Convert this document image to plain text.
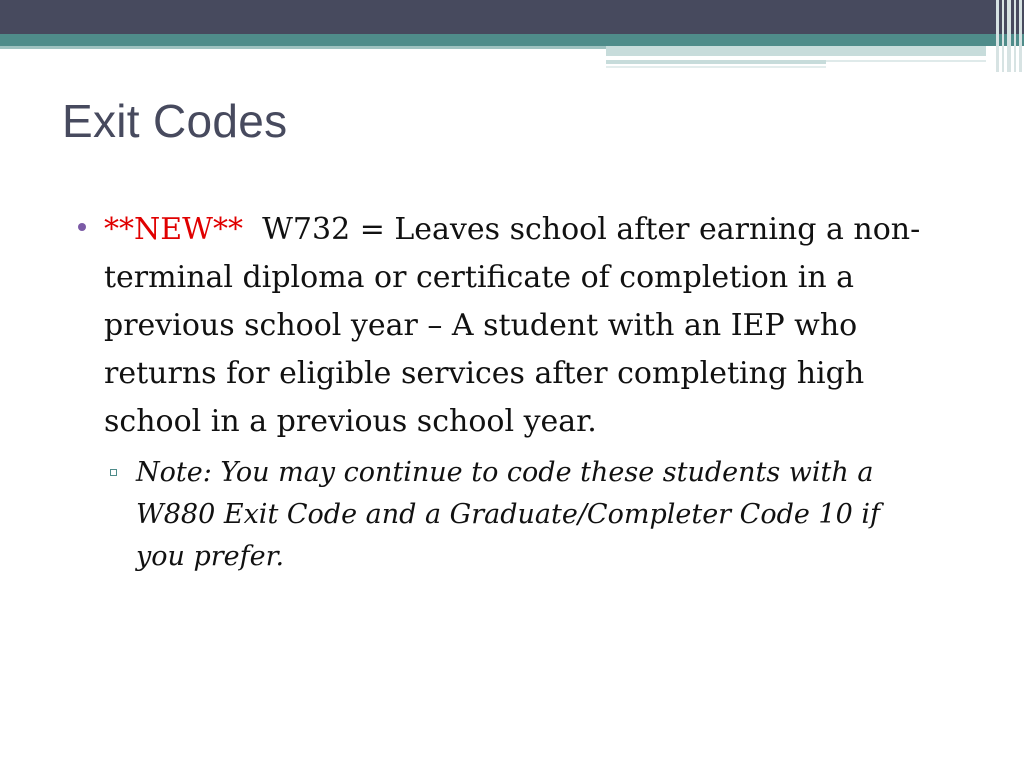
Exit Codes
**NEW** W732 = Leaves school after earning a non-terminal diploma or certificate of completion in a previous school year – A student with an IEP who returns for eligible services after completing high school in a previous school year.
Note: You may continue to code these students with a W880 Exit Code and a Graduate/Completer Code 10 if you prefer.
